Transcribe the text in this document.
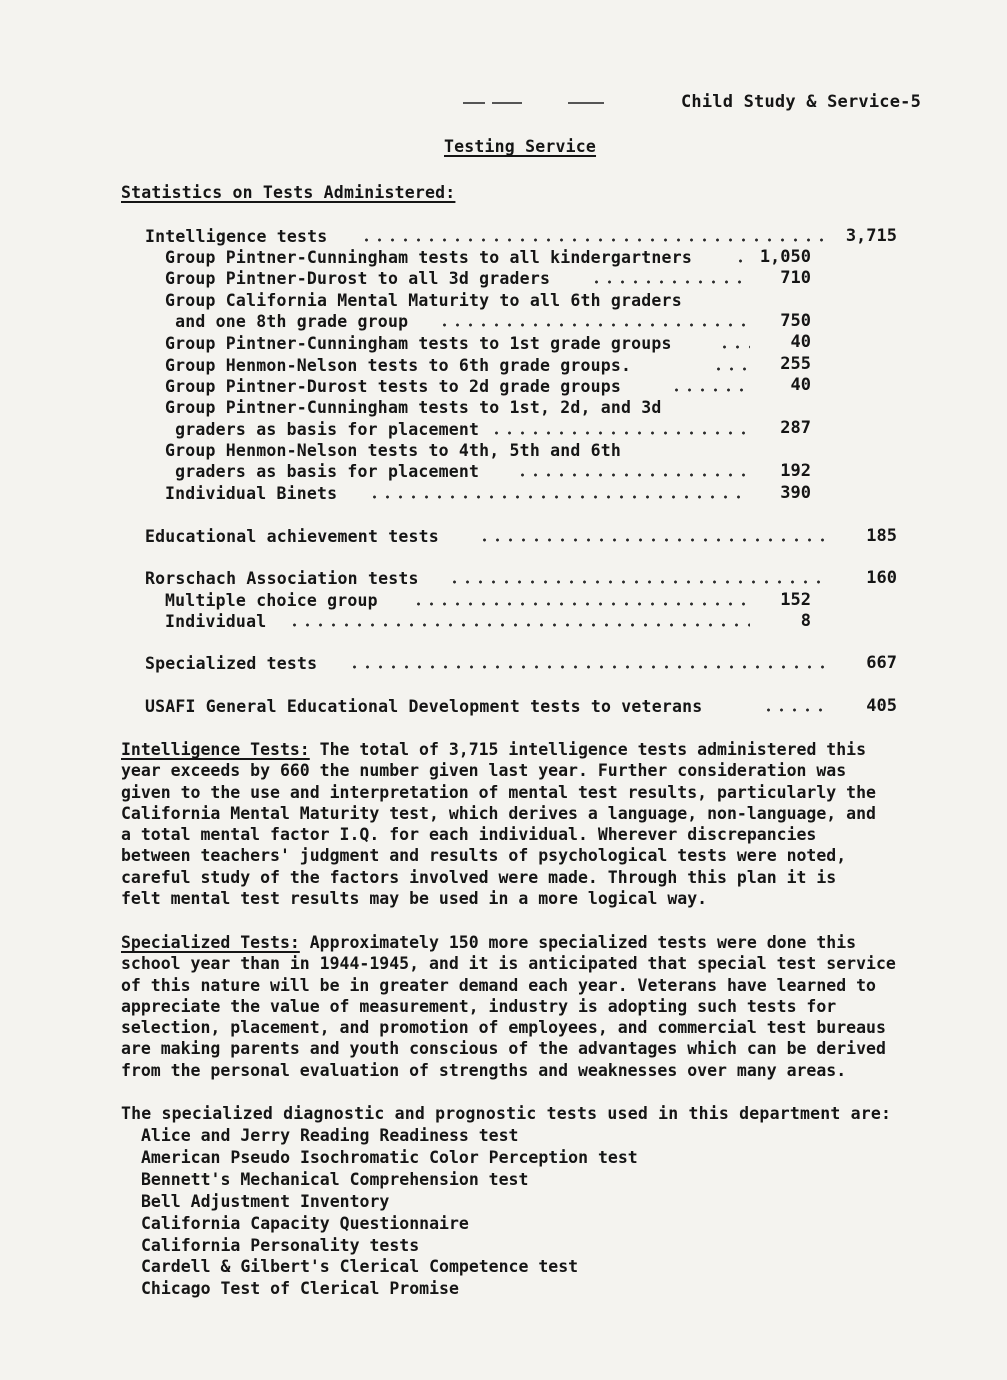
Child Study & Service-5
Testing Service
Statistics on Tests Administered:
Intelligence tests	3,715
Group Pintner-Cunningham tests to all kindergartners	1,050
Group Pintner-Durost to all 3d graders	710
Group California Mental Maturity to all 6th graders
and one 8th grade group	750
Group Pintner-Cunningham tests to 1st grade groups	40
Group Henmon-Nelson tests to 6th grade groups.	255
Group Pintner-Durost tests to 2d grade groups	40
Group Pintner-Cunningham tests to 1st, 2d, and 3d
graders as basis for placement	287
Group Henmon-Nelson tests to 4th, 5th and 6th
graders as basis for placement	192
Individual Binets	390
Educational achievement tests	185
Rorschach Association tests	160
Multiple choice group	152
Individual	8
Specialized tests	667
USAFI General Educational Development tests to veterans	405
Intelligence Tests: The total of 3,715 intelligence tests administered this
year exceeds by 660 the number given last year. Further consideration was
given to the use and interpretation of mental test results, particularly the
California Mental Maturity test, which derives a language, non-language, and
a total mental factor I.Q. for each individual. Wherever discrepancies
between teachers' judgment and results of psychological tests were noted,
careful study of the factors involved were made. Through this plan it is
felt mental test results may be used in a more logical way.
Specialized Tests: Approximately 150 more specialized tests were done this
school year than in 1944-1945, and it is anticipated that special test service
of this nature will be in greater demand each year. Veterans have learned to
appreciate the value of measurement, industry is adopting such tests for
selection, placement, and promotion of employees, and commercial test bureaus
are making parents and youth conscious of the advantages which can be derived
from the personal evaluation of strengths and weaknesses over many areas.
The specialized diagnostic and prognostic tests used in this department are:
Alice and Jerry Reading Readiness test
American Pseudo Isochromatic Color Perception test
Bennett's Mechanical Comprehension test
Bell Adjustment Inventory
California Capacity Questionnaire
California Personality tests
Cardell & Gilbert's Clerical Competence test
Chicago Test of Clerical Promise
